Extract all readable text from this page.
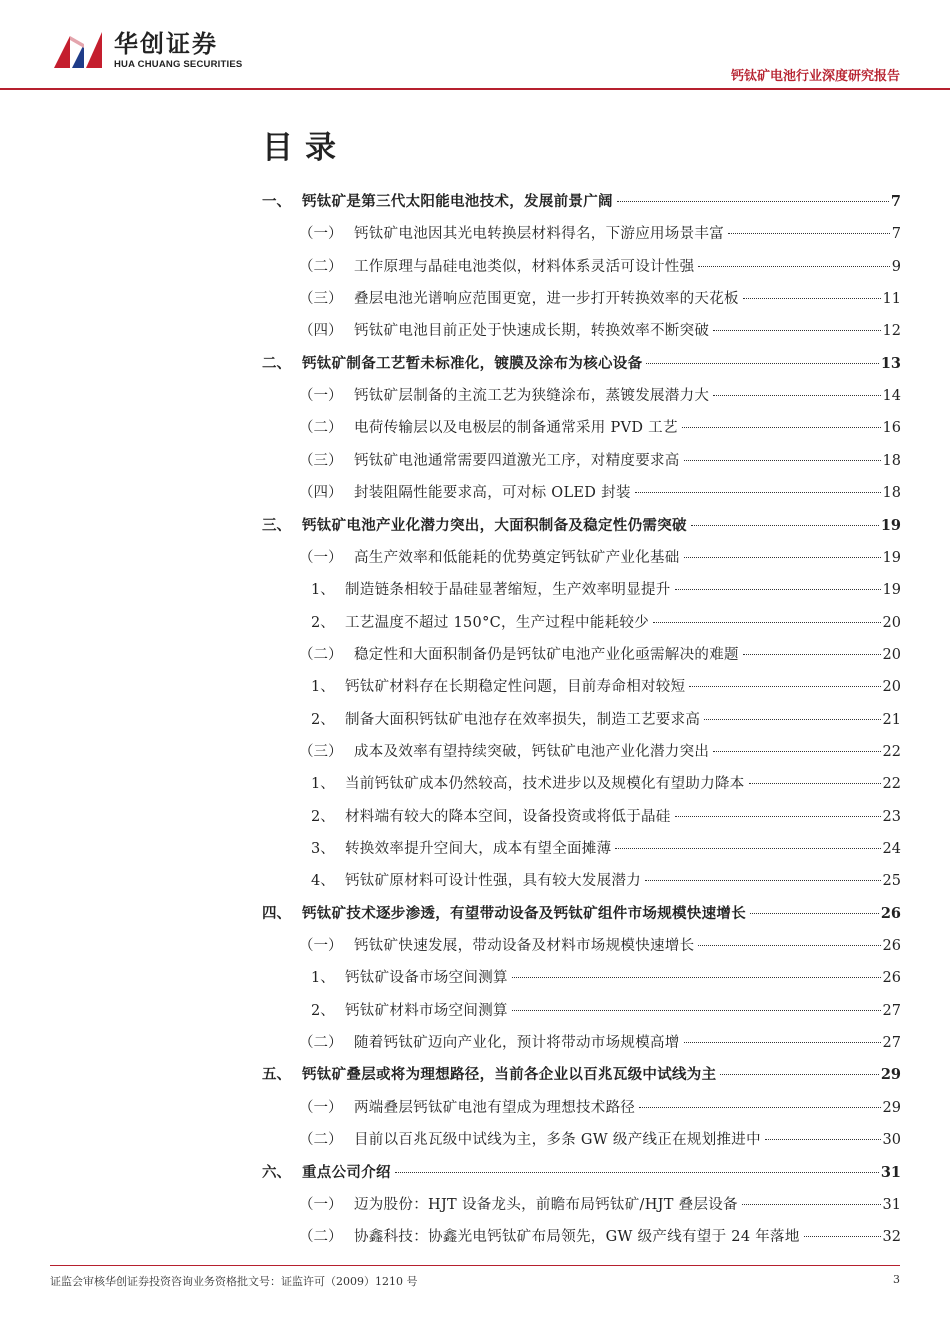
华创证券
HUA CHUANG SECURITIES
钙钛矿电池行业深度研究报告
目录
一、 钙钛矿是第三代太阳能电池技术，发展前景广阔	7
（一） 钙钛矿电池因其光电转换层材料得名，下游应用场景丰富	7
（二） 工作原理与晶硅电池类似，材料体系灵活可设计性强	9
（三） 叠层电池光谱响应范围更宽，进一步打开转换效率的天花板	11
（四） 钙钛矿电池目前正处于快速成长期，转换效率不断突破	12
二、 钙钛矿制备工艺暂未标准化，镀膜及涂布为核心设备	13
（一） 钙钛矿层制备的主流工艺为狭缝涂布，蒸镀发展潜力大	14
（二） 电荷传输层以及电极层的制备通常采用 PVD 工艺	16
（三） 钙钛矿电池通常需要四道激光工序，对精度要求高	18
（四） 封装阻隔性能要求高，可对标 OLED 封装	18
三、 钙钛矿电池产业化潜力突出，大面积制备及稳定性仍需突破	19
（一） 高生产效率和低能耗的优势奠定钙钛矿产业化基础	19
1、 制造链条相较于晶硅显著缩短，生产效率明显提升	19
2、 工艺温度不超过 150°C，生产过程中能耗较少	20
（二） 稳定性和大面积制备仍是钙钛矿电池产业化亟需解决的难题	20
1、 钙钛矿材料存在长期稳定性问题，目前寿命相对较短	20
2、 制备大面积钙钛矿电池存在效率损失，制造工艺要求高	21
（三） 成本及效率有望持续突破，钙钛矿电池产业化潜力突出	22
1、 当前钙钛矿成本仍然较高，技术进步以及规模化有望助力降本	22
2、 材料端有较大的降本空间，设备投资或将低于晶硅	23
3、 转换效率提升空间大，成本有望全面摊薄	24
4、 钙钛矿原材料可设计性强，具有较大发展潜力	25
四、 钙钛矿技术逐步渗透，有望带动设备及钙钛矿组件市场规模快速增长	26
（一） 钙钛矿快速发展，带动设备及材料市场规模快速增长	26
1、 钙钛矿设备市场空间测算	26
2、 钙钛矿材料市场空间测算	27
（二） 随着钙钛矿迈向产业化，预计将带动市场规模高增	27
五、 钙钛矿叠层或将为理想路径，当前各企业以百兆瓦级中试线为主	29
（一） 两端叠层钙钛矿电池有望成为理想技术路径	29
（二） 目前以百兆瓦级中试线为主，多条 GW 级产线正在规划推进中	30
六、 重点公司介绍	31
（一） 迈为股份：HJT 设备龙头，前瞻布局钙钛矿/HJT 叠层设备	31
（二） 协鑫科技：协鑫光电钙钛矿布局领先，GW 级产线有望于 24 年落地	32
证监会审核华创证券投资咨询业务资格批文号：证监许可（2009）1210 号	3
